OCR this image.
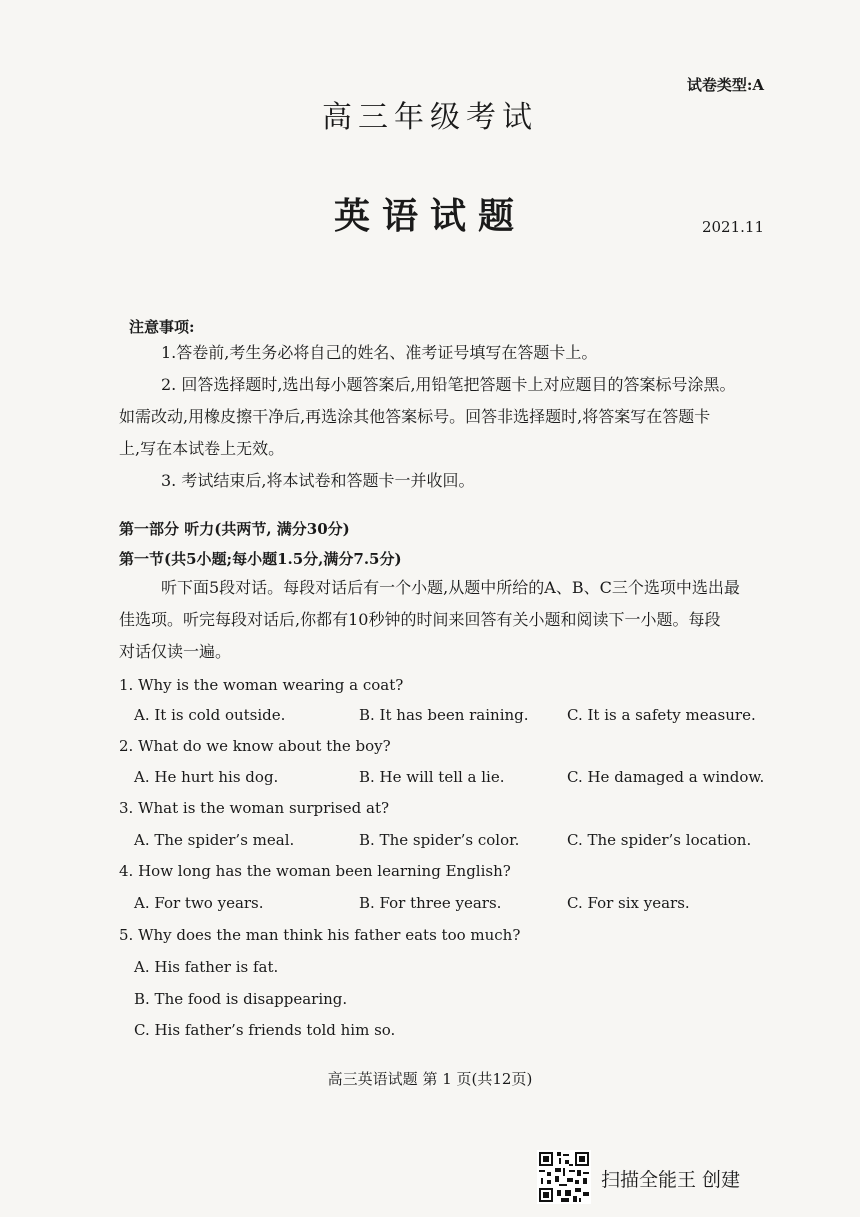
试卷类型:A
高三年级考试
英语试题	2021.11
注意事项:
1.答卷前,考生务必将自己的姓名、准考证号填写在答题卡上。
2. 回答选择题时,选出每小题答案后,用铅笔把答题卡上对应题目的答案标号涂黑。
如需改动,用橡皮擦干净后,再选涂其他答案标号。回答非选择题时,将答案写在答题卡
上,写在本试卷上无效。
3. 考试结束后,将本试卷和答题卡一并收回。
第一部分 听力(共两节, 满分30分)
第一节(共5小题;每小题1.5分,满分7.5分)
听下面5段对话。每段对话后有一个小题,从题中所给的A、B、C三个选项中选出最
佳选项。听完每段对话后,你都有10秒钟的时间来回答有关小题和阅读下一小题。每段
对话仅读一遍。
1. Why is the woman wearing a coat?
A. It is cold outside.	B. It has been raining.	C. It is a safety measure.
2. What do we know about the boy?
A. He hurt his dog.	B. He will tell a lie.	C. He damaged a window.
3. What is the woman surprised at?
A. The spider’s meal.	B. The spider’s color.	C. The spider’s location.
4. How long has the woman been learning English?
A. For two years.	B. For three years.	C. For six years.
5. Why does the man think his father eats too much?
A. His father is fat.
B. The food is disappearing.
C. His father’s friends told him so.
高三英语试题 第 1 页(共12页)
扫描全能王 创建
